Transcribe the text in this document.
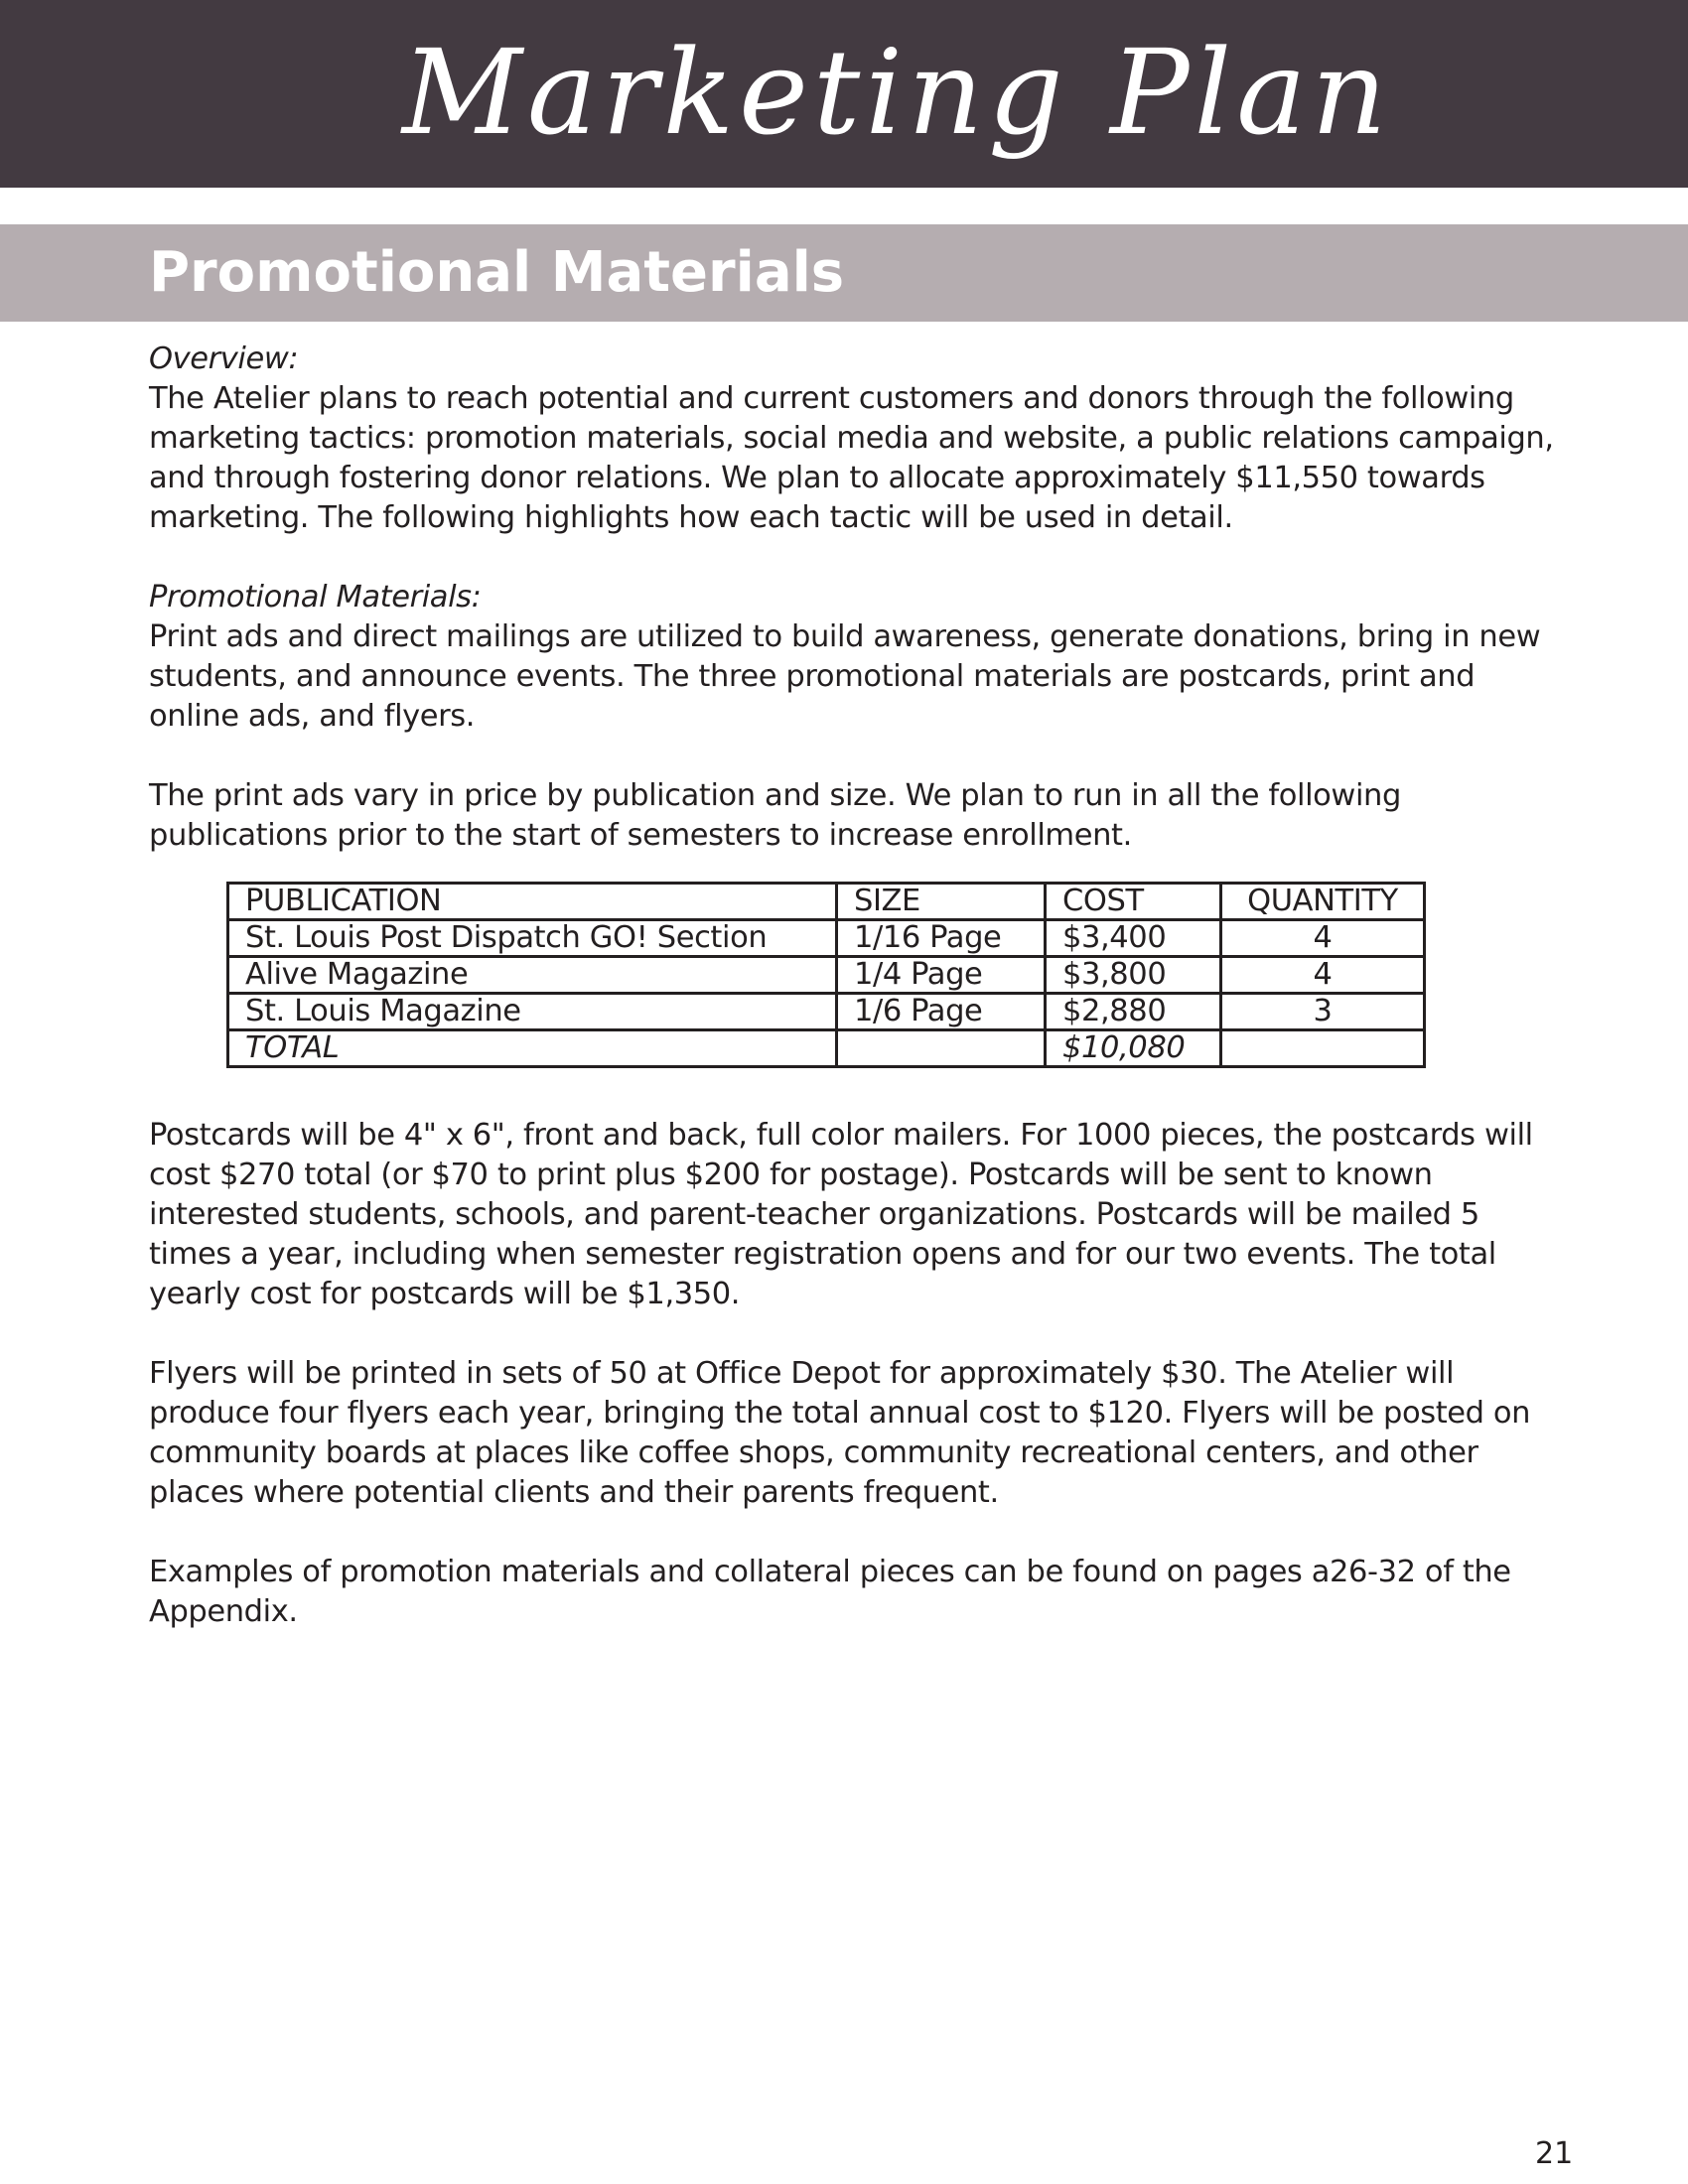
Marketing Plan
Promotional Materials

Overview:
The Atelier plans to reach potential and current customers and donors through the following marketing tactics: promotion materials, social media and website, a public relations campaign, and through fostering donor relations. We plan to allocate approximately $11,550 towards marketing. The following highlights how each tactic will be used in detail.

Promotional Materials:
Print ads and direct mailings are utilized to build awareness, generate donations, bring in new students, and announce events. The three promotional materials are postcards, print and online ads, and flyers.

The print ads vary in price by publication and size. We plan to run in all the following publications prior to the start of semesters to increase enrollment.

PUBLICATION	SIZE	COST	QUANTITY
St. Louis Post Dispatch GO! Section	1/16 Page	$3,400	4
Alive Magazine	1/4 Page	$3,800	4
St. Louis Magazine	1/6 Page	$2,880	3
TOTAL		$10,080	

Postcards will be 4" x 6", front and back, full color mailers. For 1000 pieces, the postcards will cost $270 total (or $70 to print plus $200 for postage). Postcards will be sent to known interested students, schools, and parent-teacher organizations. Postcards will be mailed 5 times a year, including when semester registration opens and for our two events. The total yearly cost for postcards will be $1,350.

Flyers will be printed in sets of 50 at Office Depot for approximately $30. The Atelier will produce four flyers each year, bringing the total annual cost to $120. Flyers will be posted on community boards at places like coffee shops, community recreational centers, and other places where potential clients and their parents frequent.

Examples of promotion materials and collateral pieces can be found on pages a26-32 of the Appendix.

21
